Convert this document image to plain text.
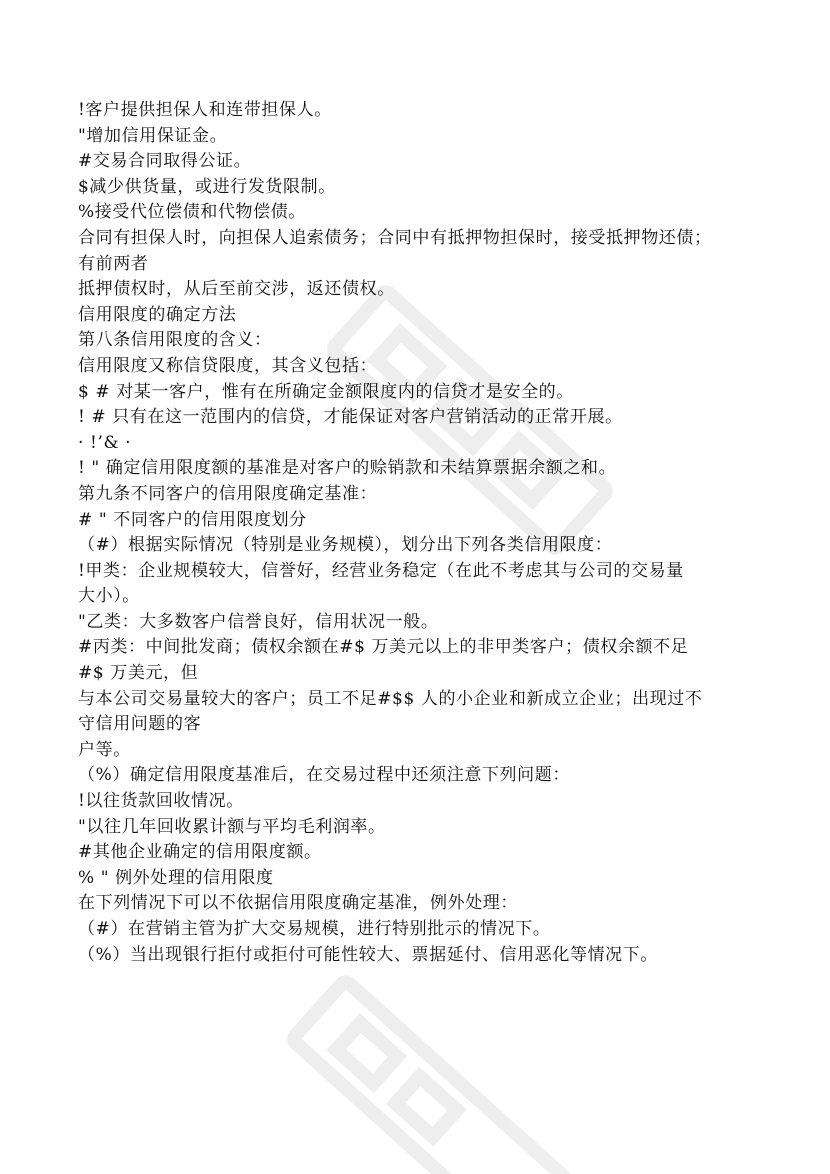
!客户提供担保人和连带担保人。
"增加信用保证金。
#交易合同取得公证。
$减少供货量，或进行发货限制。
%接受代位偿债和代物偿债。
合同有担保人时，向担保人追索债务；合同中有抵押物担保时，接受抵押物还债；
有前两者
抵押债权时，从后至前交涉，返还债权。
信用限度的确定方法
第八条信用限度的含义：
信用限度又称信贷限度，其含义包括：
$ # 对某一客户，惟有在所确定金额限度内的信贷才是安全的。
! # 只有在这一范围内的信贷，才能保证对客户营销活动的正常开展。
· !’& ·
! " 确定信用限度额的基准是对客户的赊销款和未结算票据余额之和。
第九条不同客户的信用限度确定基准：
# " 不同客户的信用限度划分
（#）根据实际情况（特别是业务规模），划分出下列各类信用限度：
!甲类：企业规模较大，信誉好，经营业务稳定（在此不考虑其与公司的交易量
大小）。
"乙类：大多数客户信誉良好，信用状况一般。
#丙类：中间批发商；债权余额在#$ 万美元以上的非甲类客户；债权余额不足
#$ 万美元，但
与本公司交易量较大的客户；员工不足#$$ 人的小企业和新成立企业；出现过不
守信用问题的客
户等。
（%）确定信用限度基准后，在交易过程中还须注意下列问题：
!以往货款回收情况。
"以往几年回收累计额与平均毛利润率。
#其他企业确定的信用限度额。
% " 例外处理的信用限度
在下列情况下可以不依据信用限度确定基准，例外处理：
（#）在营销主管为扩大交易规模，进行特别批示的情况下。
（%）当出现银行拒付或拒付可能性较大、票据延付、信用恶化等情况下。
